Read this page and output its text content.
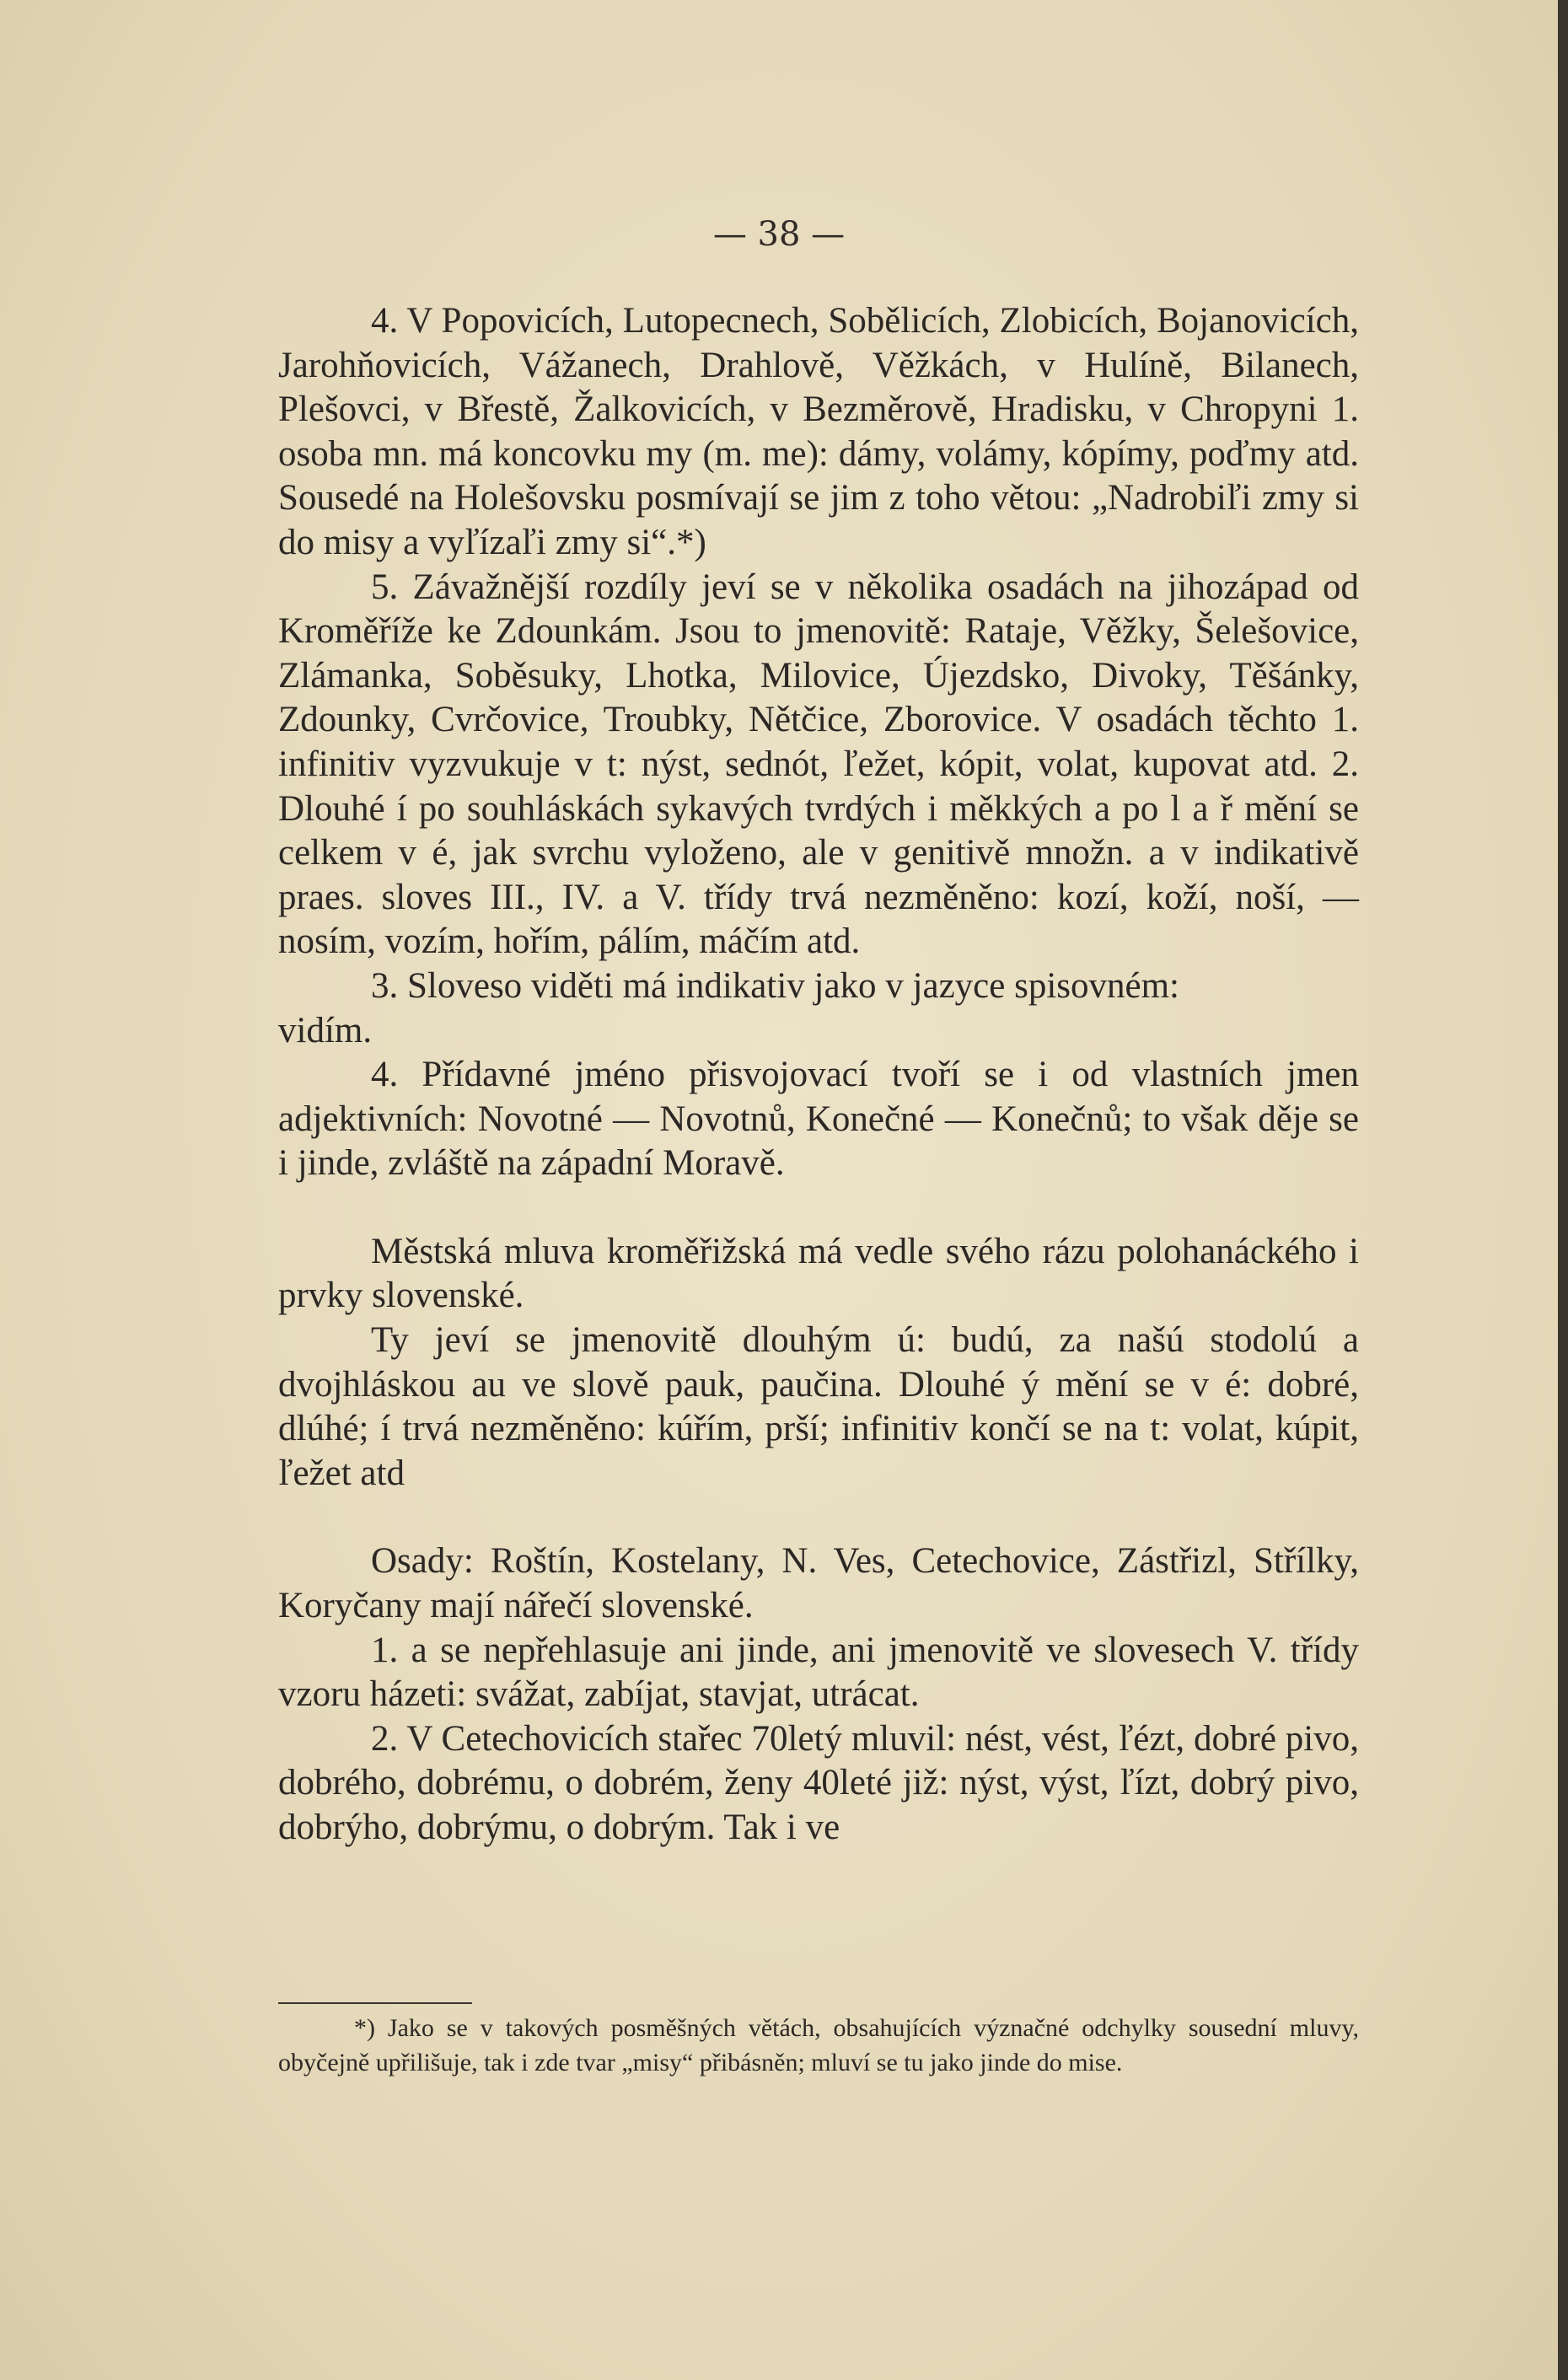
— 38 —

4. V Popovicích, Lutopecnech, Sobělicích, Zlobicích, Bojanovicích, Jarohňovicích, Vážanech, Drahlově, Věžkách, v Hulíně, Bilanech, Plešovci, v Břestě, Žalkovicích, v Bezměrově, Hradisku, v Chropyni 1. osoba mn. má koncovku my (m. me): dámy, volámy, kópímy, poďmy atd. Sousedé na Holešovsku posmívají se jim z toho větou: „Nadrobiľi zmy si do misy a vyľízaľi zmy si“.*)

5. Závažnější rozdíly jeví se v několika osadách na jihozápad od Kroměříže ke Zdounkám. Jsou to jmenovitě: Rataje, Věžky, Šelešovice, Zlámanka, Soběsuky, Lhotka, Milovice, Újezdsko, Divoky, Těšánky, Zdounky, Cvrčovice, Troubky, Nětčice, Zborovice. V osadách těchto 1. infinitiv vyzvukuje v t: nýst, sednót, ľežet, kópit, volat, kupovat atd. 2. Dlouhé í po souhláskách sykavých tvrdých i měkkých a po l a ř mění se celkem v é, jak svrchu vyloženo, ale v genitivě množn. a v indikativě praes. sloves III., IV. a V. třídy trvá nezměněno: kozí, koží, noší, — nosím, vozím, hořím, pálím, máčím atd.

3. Sloveso viděti má indikativ jako v jazyce spisovném:

vidím.

4. Přídavné jméno přisvojovací tvoří se i od vlastních jmen adjektivních: Novotné — Novotnů, Konečné — Konečnů; to však děje se i jinde, zvláště na západní Moravě.

Městská mluva kroměřižská má vedle svého rázu polohanáckého i prvky slovenské.

Ty jeví se jmenovitě dlouhým ú: budú, za našú stodolú a dvojhláskou au ve slově pauk, paučina. Dlouhé ý mění se v é: dobré, dlúhé; í trvá nezměněno: kúřím, prší; infinitiv končí se na t: volat, kúpit, ľežet atd

Osady: Roštín, Kostelany, N. Ves, Cetechovice, Zástřizl, Střílky, Koryčany mají nářečí slovenské.

1. a se nepřehlasuje ani jinde, ani jmenovitě ve slovesech V. třídy vzoru házeti: svážat, zabíjat, stavjat, utrácat.

2. V Cetechovicích stařec 70letý mluvil: nést, vést, ľézt, dobré pivo, dobrého, dobrému, o dobrém, ženy 40leté již: nýst, výst, ľízt, dobrý pivo, dobrýho, dobrýmu, o dobrým. Tak i ve

*) Jako se v takových posměšných větách, obsahujících význačné odchylky sousední mluvy, obyčejně upřilišuje, tak i zde tvar „misy“ přibásněn; mluví se tu jako jinde do mise.
